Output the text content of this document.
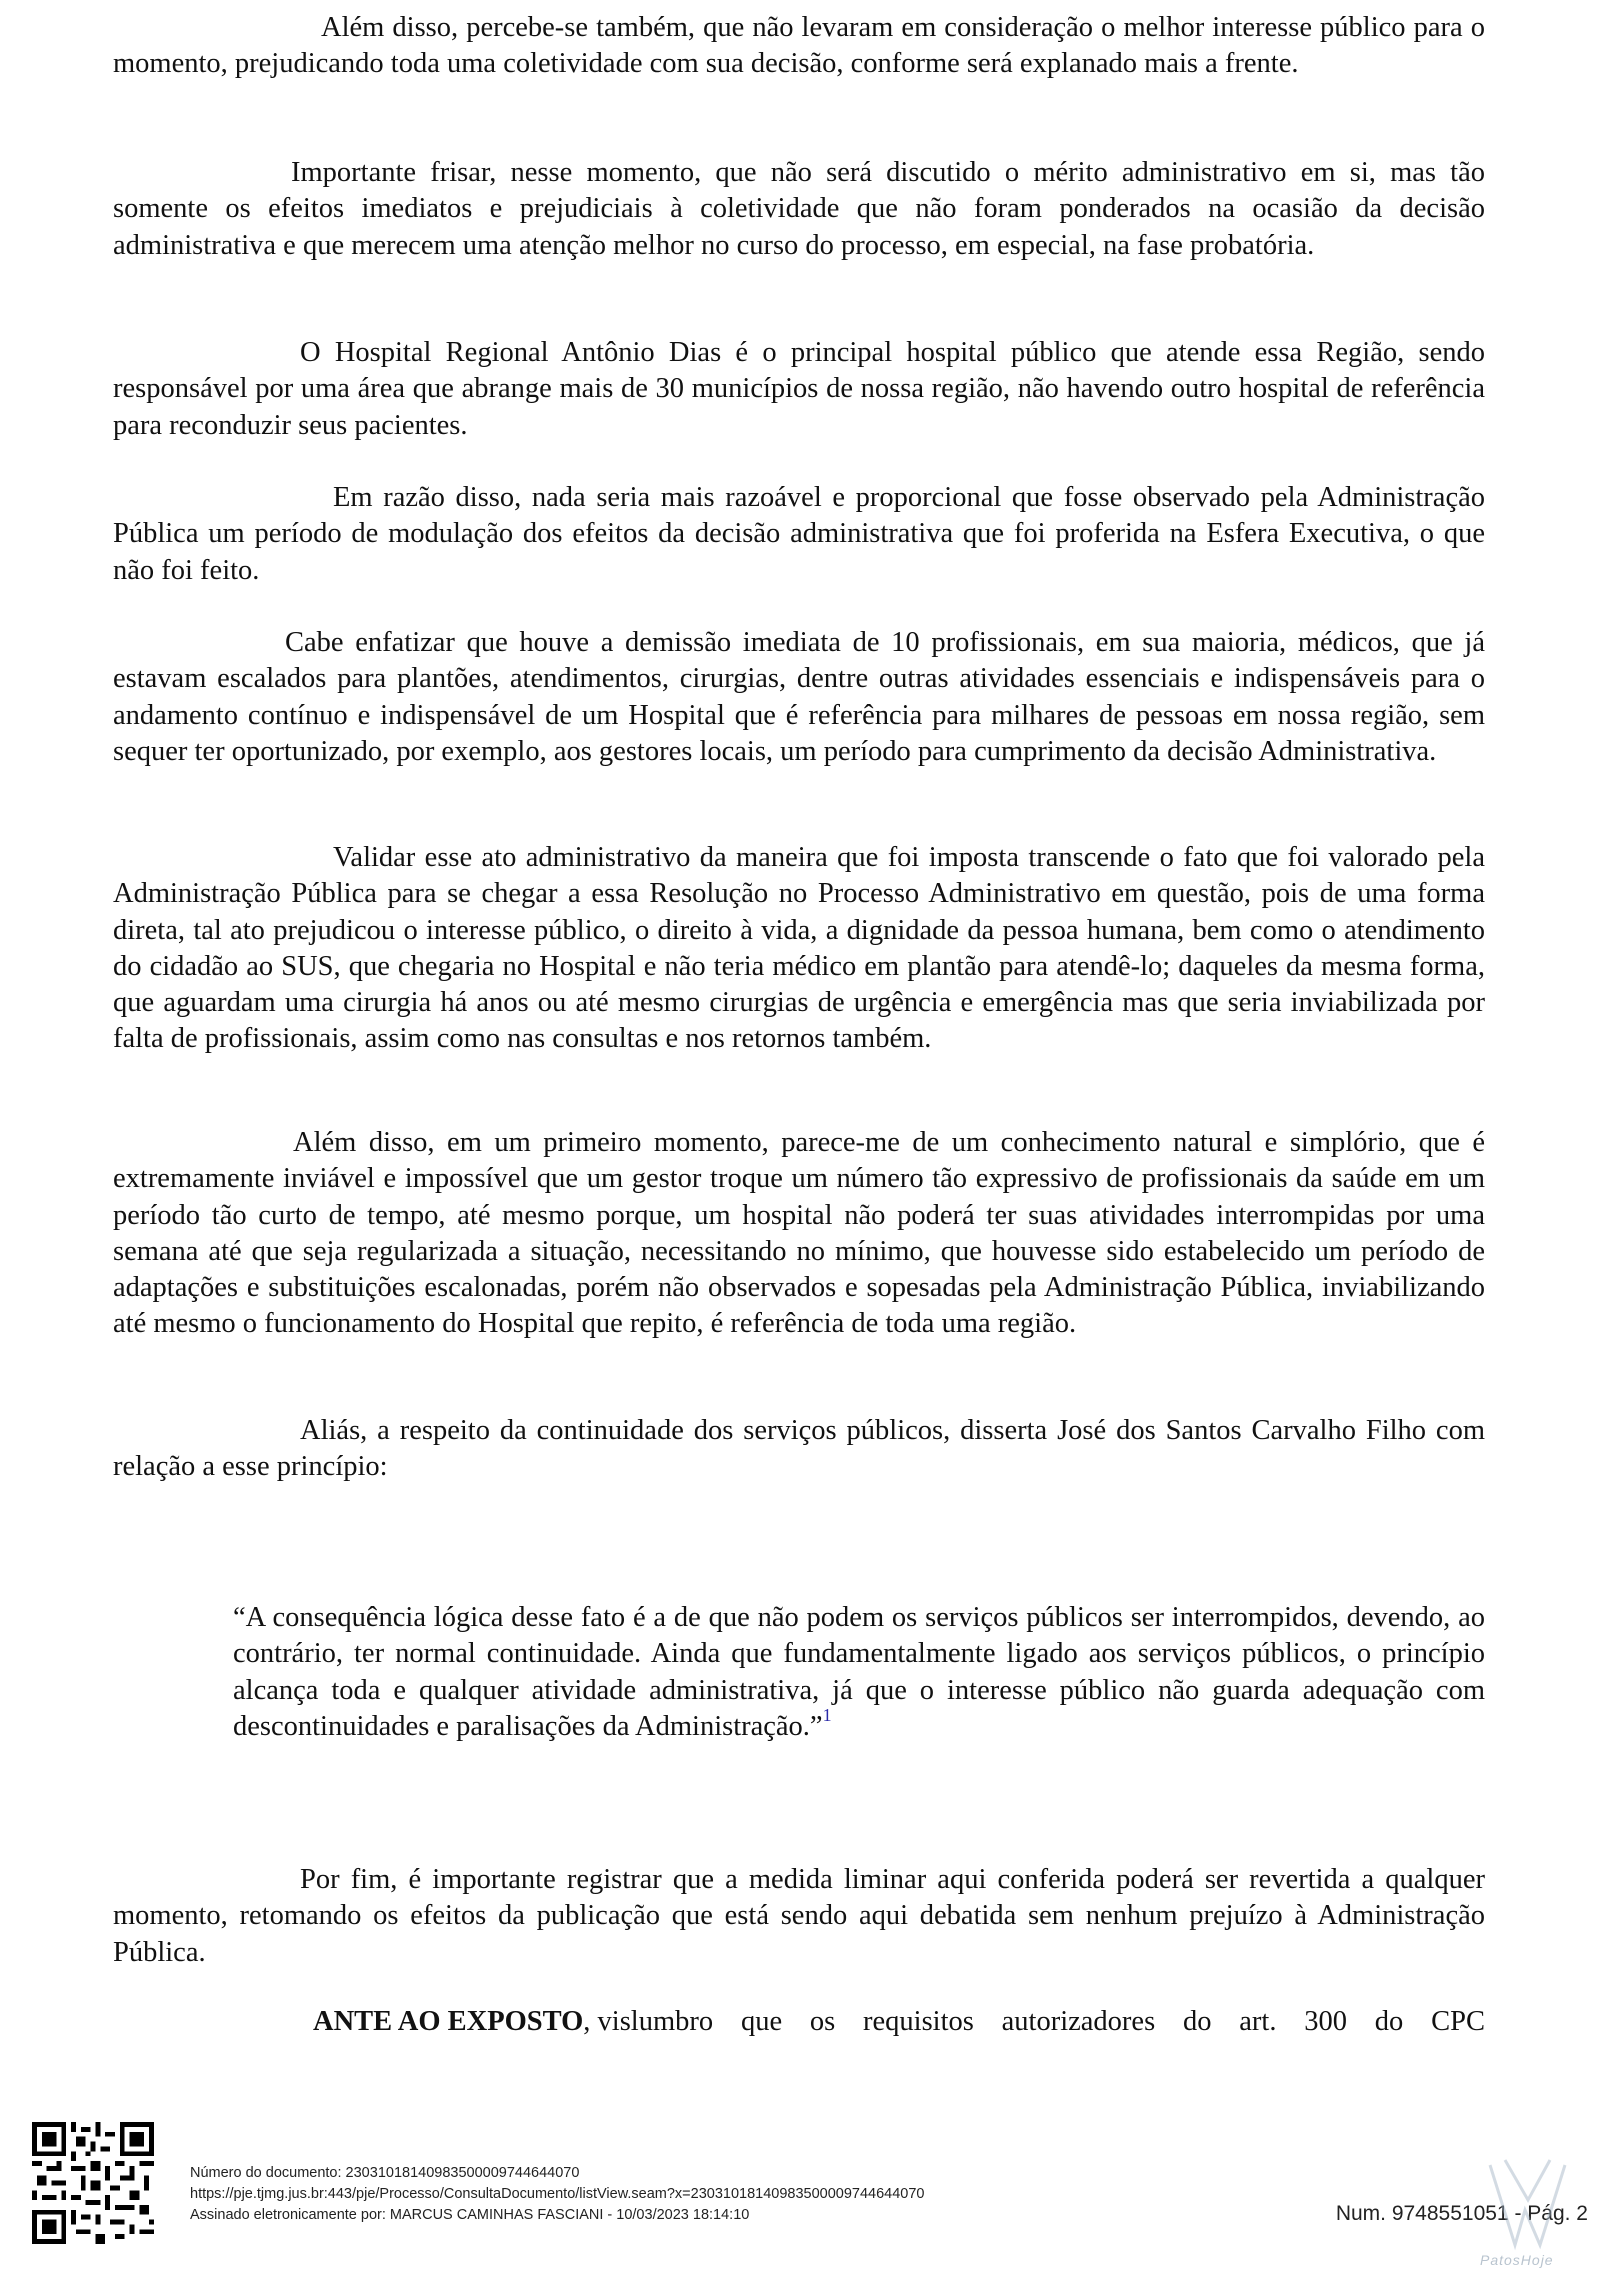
Além disso, percebe-se também, que não levaram em consideração o melhor interesse público para o momento, prejudicando toda uma coletividade com sua decisão, conforme será explanado mais a frente.

Importante frisar, nesse momento, que não será discutido o mérito administrativo em si, mas tão somente os efeitos imediatos e prejudiciais à coletividade que não foram ponderados na ocasião da decisão administrativa e que merecem uma atenção melhor no curso do processo, em especial, na fase probatória.

O Hospital Regional Antônio Dias é o principal hospital público que atende essa Região, sendo responsável por uma área que abrange mais de 30 municípios de nossa região, não havendo outro hospital de referência para reconduzir seus pacientes.

Em razão disso, nada seria mais razoável e proporcional que fosse observado pela Administração Pública um período de modulação dos efeitos da decisão administrativa que foi proferida na Esfera Executiva, o que não foi feito.

Cabe enfatizar que houve a demissão imediata de 10 profissionais, em sua maioria, médicos, que já estavam escalados para plantões, atendimentos, cirurgias, dentre outras atividades essenciais e indispensáveis para o andamento contínuo e indispensável de um Hospital que é referência para milhares de pessoas em nossa região, sem sequer ter oportunizado, por exemplo, aos gestores locais, um período para cumprimento da decisão Administrativa.

Validar esse ato administrativo da maneira que foi imposta transcende o fato que foi valorado pela Administração Pública para se chegar a essa Resolução no Processo Administrativo em questão, pois de uma forma direta, tal ato prejudicou o interesse público, o direito à vida, a dignidade da pessoa humana, bem como o atendimento do cidadão ao SUS, que chegaria no Hospital e não teria médico em plantão para atendê-lo; daqueles da mesma forma, que aguardam uma cirurgia há anos ou até mesmo cirurgias de urgência e emergência mas que seria inviabilizada por falta de profissionais, assim como nas consultas e nos retornos também.

Além disso, em um primeiro momento, parece-me de um conhecimento natural e simplório, que é extremamente inviável e impossível que um gestor troque um número tão expressivo de profissionais da saúde em um período tão curto de tempo, até mesmo porque, um hospital não poderá ter suas atividades interrompidas por uma semana até que seja regularizada a situação, necessitando no mínimo, que houvesse sido estabelecido um período de adaptações e substituições escalonadas, porém não observados e sopesadas pela Administração Pública, inviabilizando até mesmo o funcionamento do Hospital que repito, é referência de toda uma região.

Aliás, a respeito da continuidade dos serviços públicos, disserta José dos Santos Carvalho Filho com relação a esse princípio:

“A consequência lógica desse fato é a de que não podem os serviços públicos ser interrompidos, devendo, ao contrário, ter normal continuidade. Ainda que fundamentalmente ligado aos serviços públicos, o princípio alcança toda e qualquer atividade administrativa, já que o interesse público não guarda adequação com descontinuidades e paralisações da Administração.”$^1$

Por fim, é importante registrar que a medida liminar aqui conferida poderá ser revertida a qualquer momento, retomando os efeitos da publicação que está sendo aqui debatida sem nenhum prejuízo à Administração Pública.

ANTE AO EXPOSTO, vislumbro que os requisitos autorizadores do art. 300 do CPC

Número do documento: 23031018140983500009744644070
https://pje.tjmg.jus.br:443/pje/Processo/ConsultaDocumento/listView.seam?x=23031018140983500009744644070
Assinado eletronicamente por: MARCUS CAMINHAS FASCIANI - 10/03/2023 18:14:10	Num. 9748551051 - Pág. 2
PatosHoje
